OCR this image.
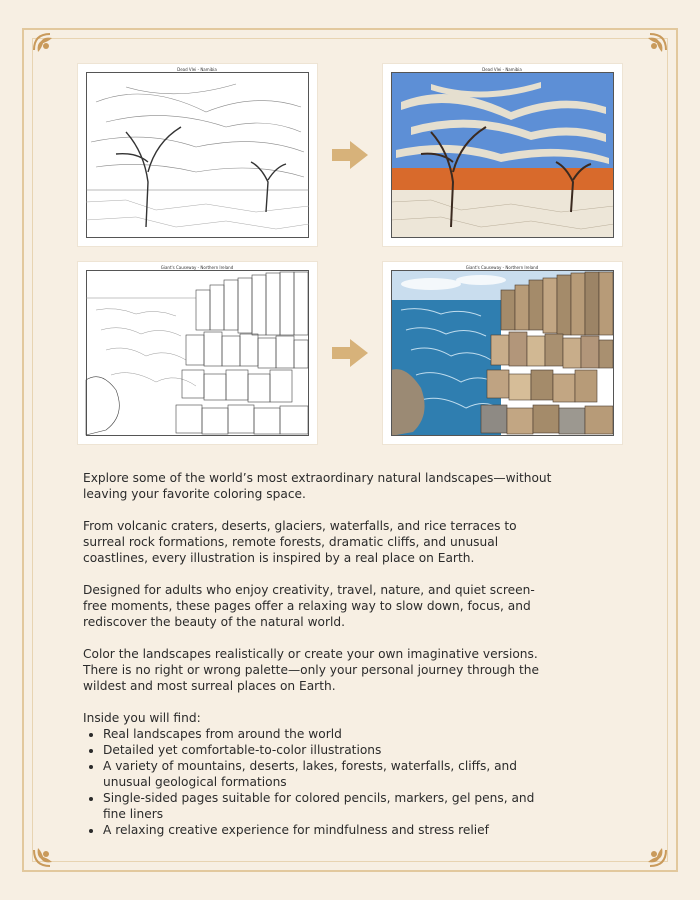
Dead Vlei - Namibia	Dead Vlei - Namibia
Giant's Causeway - Northern Ireland	Giant's Causeway - Northern Ireland

Explore some of the world’s most extraordinary natural landscapes—without leaving your favorite coloring space.

From volcanic craters, deserts, glaciers, waterfalls, and rice terraces to surreal rock formations, remote forests, dramatic cliffs, and unusual coastlines, every illustration is inspired by a real place on Earth.

Designed for adults who enjoy creativity, travel, nature, and quiet screen-free moments, these pages offer a relaxing way to slow down, focus, and rediscover the beauty of the natural world.

Color the landscapes realistically or create your own imaginative versions. There is no right or wrong palette—only your personal journey through the wildest and most surreal places on Earth.

Inside you will find:
• Real landscapes from around the world
• Detailed yet comfortable-to-color illustrations
• A variety of mountains, deserts, lakes, forests, waterfalls, cliffs, and unusual geological formations
• Single-sided pages suitable for colored pencils, markers, gel pens, and fine liners
• A relaxing creative experience for mindfulness and stress relief
